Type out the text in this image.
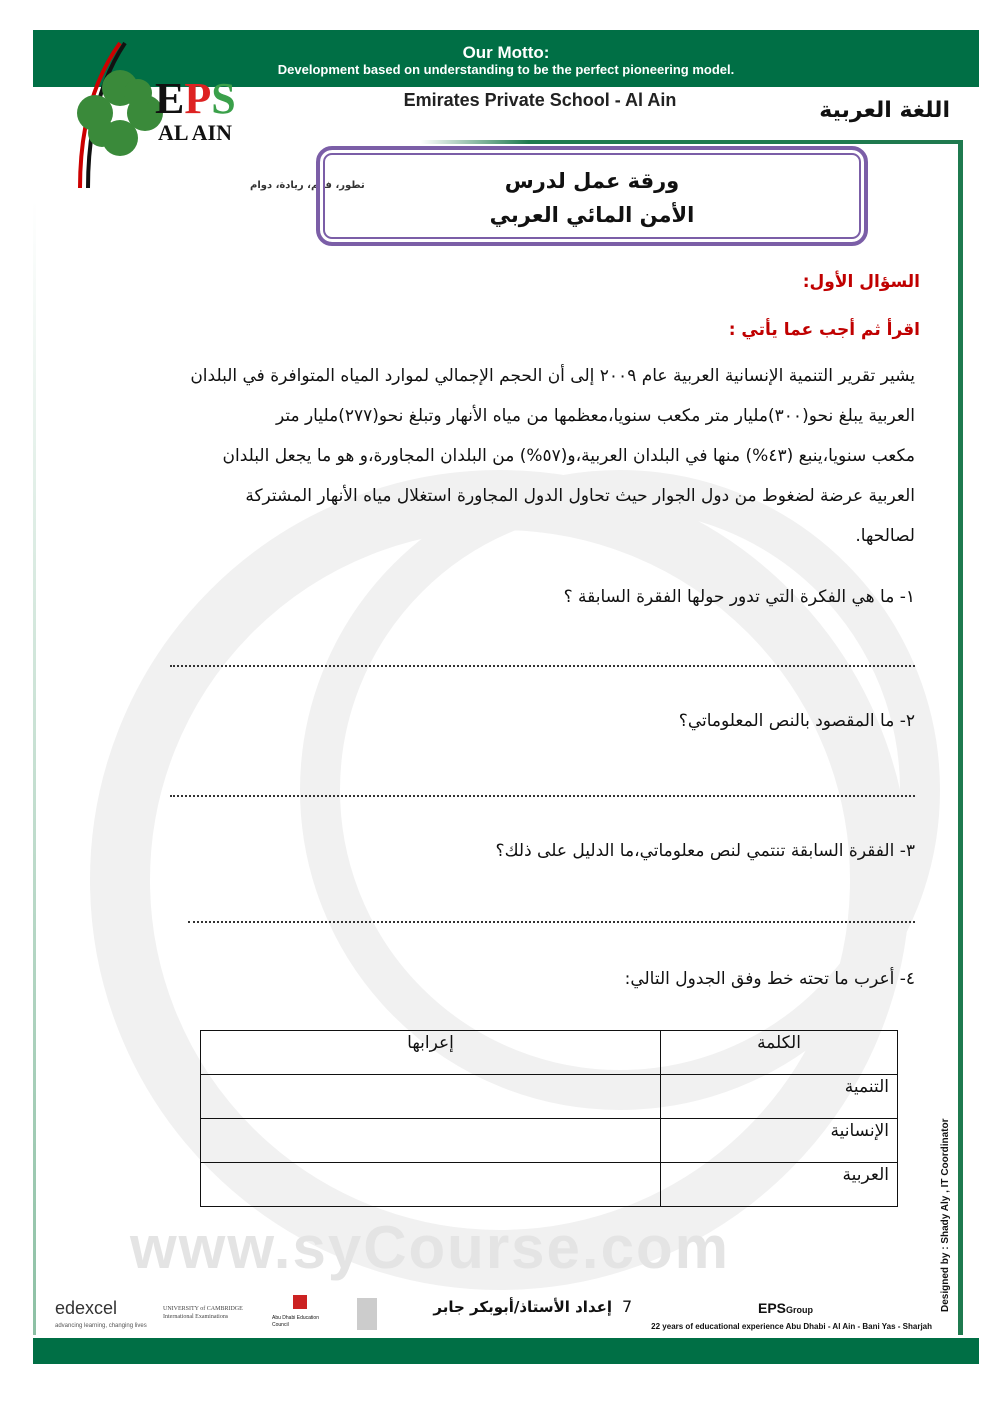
Our Motto:
Development based on understanding to be the perfect pioneering model.
EPS
AL AIN
تطور، فهم، ريادة، دوام
Emirates Private School - Al Ain	اللغة العربية
ورقة عمل لدرس
الأمن المائي العربي
السؤال الأول:
اقرأ ثم أجب عما يأتي :
يشير تقرير التنمية الإنسانية العربية عام ٢٠٠٩ إلى أن الحجم الإجمالي لموارد المياه المتوافرة في البلدان
العربية يبلغ نحو(٣٠٠)مليار متر مكعب سنويا،معظمها من مياه الأنهار وتبلغ نحو(٢٧٧)مليار متر
مكعب سنويا،ينبع (٤٣%) منها في البلدان العربية،و(٥٧%) من البلدان المجاورة،و هو ما يجعل البلدان
العربية عرضة لضغوط من دول الجوار حيث تحاول الدول المجاورة استغلال مياه الأنهار المشتركة
لصالحها.
١- ما هي الفكرة التي تدور حولها الفقرة السابقة ؟
٢- ما المقصود بالنص المعلوماتي؟
٣- الفقرة السابقة تنتمي لنص معلوماتي،ما الدليل على ذلك؟
٤- أعرب ما تحته خط وفق الجدول التالي:
الكلمة	إعرابها
التنمية	
الإنسانية	
العربية	
www.syCourse.com
edexcel
advancing learning, changing lives
UNIVERSITY of CAMBRIDGE International Examinations	Abu Dhabi Education Council
إعداد الأستاذ/أبوبكر جابر 7	EPSGroup
22 years of educational experience Abu Dhabi - Al Ain - Bani Yas - Sharjah
Designed by : Shady Aly , IT Coordinator
